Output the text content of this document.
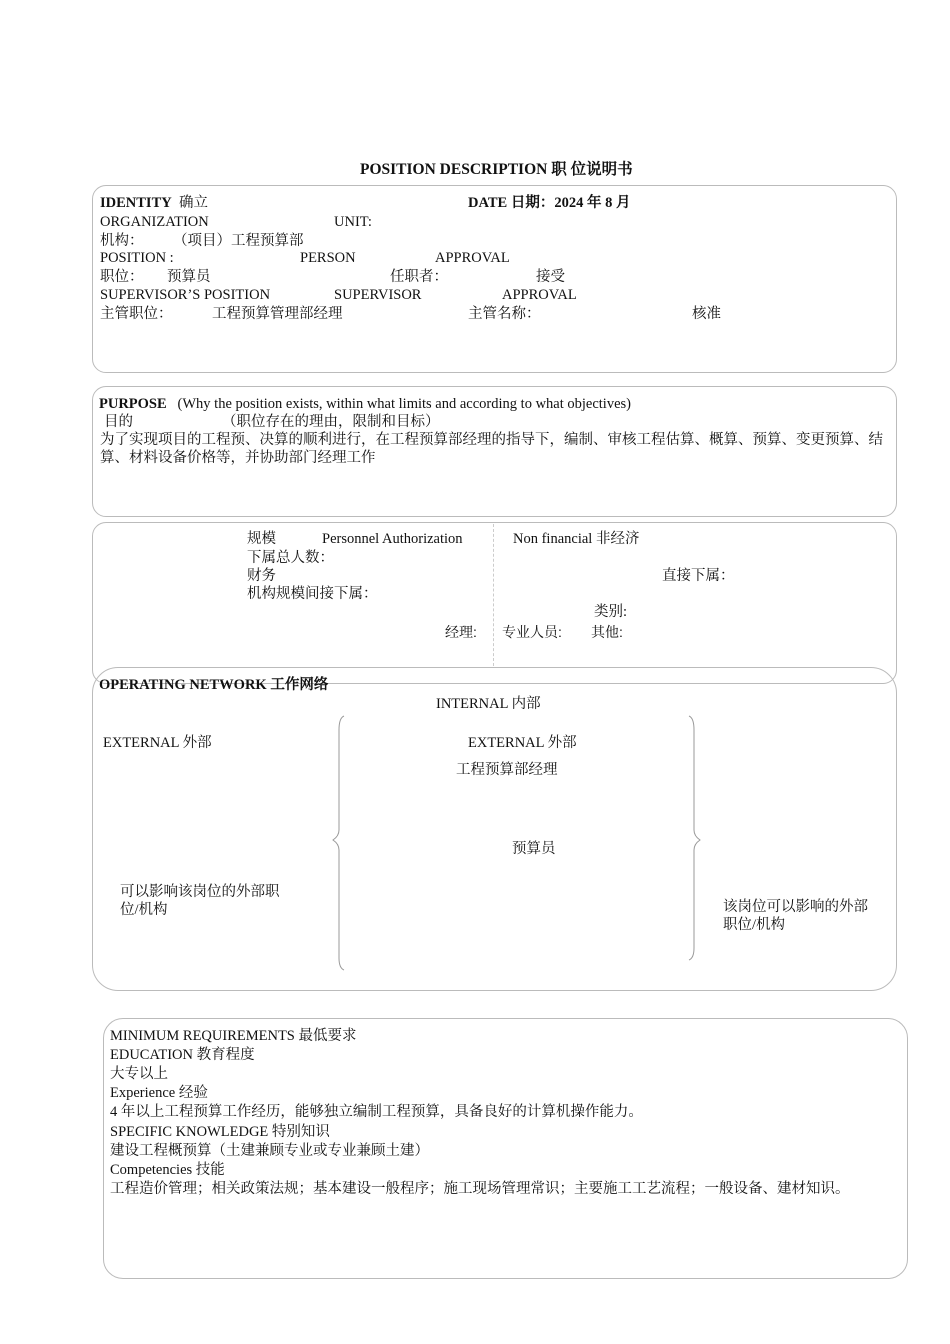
POSITION DESCRIPTION 职 位说明书
IDENTITY 确立	DATE 日期：2024 年 8 月
ORGANIZATION	UNIT:
机构： （项目）工程预算部
POSITION :	PERSON	APPROVAL
职位： 预算员	任职者：	接受
SUPERVISOR’S POSITION	SUPERVISOR	APPROVAL
主管职位：	工程预算管理部经理	主管名称：	核准
PURPOSE (Why the position exists, within what limits and according to what objectives)
目的	（职位存在的理由，限制和目标）
为了实现项目的工程预、决算的顺利进行，在工程预算部经理的指导下，编制、审核工程估算、概算、预算、变更预算、结算、材料设备价格等，并协助部门经理工作
规模	Personnel Authorization	Non financial 非经济
下属总人数：
财务	直接下属：
机构规模间接下属：
类别:
经理: 专业人员: 其他:
OPERATING NETWORK 工作网络
INTERNAL 内部
EXTERNAL 外部	EXTERNAL 外部
工程预算部经理
预算员
可以影响该岗位的外部职位/机构	该岗位可以影响的外部职位/机构
MINIMUM REQUIREMENTS 最低要求
EDUCATION 教育程度
大专以上
Experience 经验
4 年以上工程预算工作经历，能够独立编制工程预算，具备良好的计算机操作能力。
SPECIFIC KNOWLEDGE 特别知识
建设工程概预算（土建兼顾专业或专业兼顾土建）
Competencies 技能
工程造价管理；相关政策法规；基本建设一般程序；施工现场管理常识；主要施工工艺流程；一般设备、建材知识。
